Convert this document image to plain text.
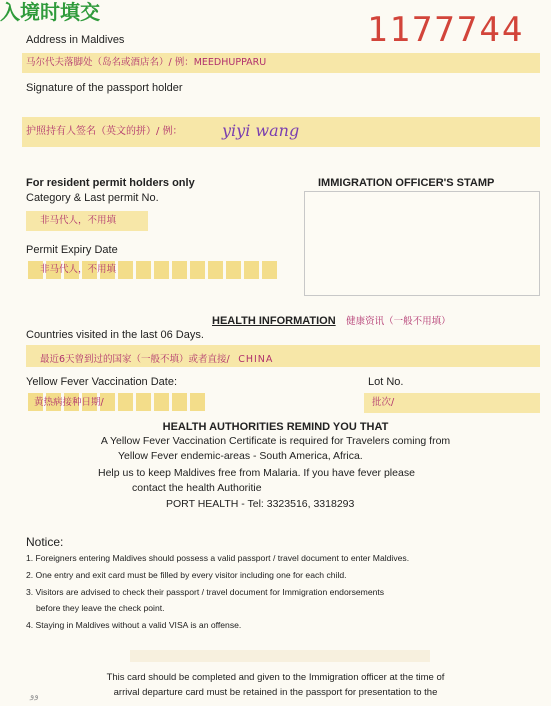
入境时填交	1177744
Address in Maldives
马尔代夫落脚处（岛名或酒店名）/ 例：MEEDHUPPARU
Signature of the passport holder
护照持有人签名（英文的拼）/ 例： yiyi wang
For resident permit holders only	IMMIGRATION OFFICER'S STAMP
Category & Last permit No.
非马代人，不用填
Permit Expiry Date
非马代人，不用填
HEALTH INFORMATION 健康资讯（一般不用填）
Countries visited in the last 06 Days.
最近6天曾到过的国家（一般不填）或者直接/ CHINA
Yellow Fever Vaccination Date:	Lot No.
黄热病接种日期/	批次/
HEALTH AUTHORITIES REMIND YOU THAT
A Yellow Fever Vaccination Certificate is required for Travelers coming from
Yellow Fever endemic-areas - South America, Africa.
Help us to keep Maldives free from Malaria. If you have fever please
contact the health Authoritie
PORT HEALTH - Tel: 3323516, 3318293
Notice:
1. Foreigners entering Maldives should possess a valid passport / travel document to enter Maldives.
2. One entry and exit card must be filled by every visitor including one for each child.
3. Visitors are advised to check their passport / travel document for Immigration endorsements
before they leave the check point.
4. Staying in Maldives without a valid VISA is an offense.
This card should be completed and given to the Immigration officer at the time of
arrival departure card must be retained in the passport for presentation to the
ﻭﻭ
